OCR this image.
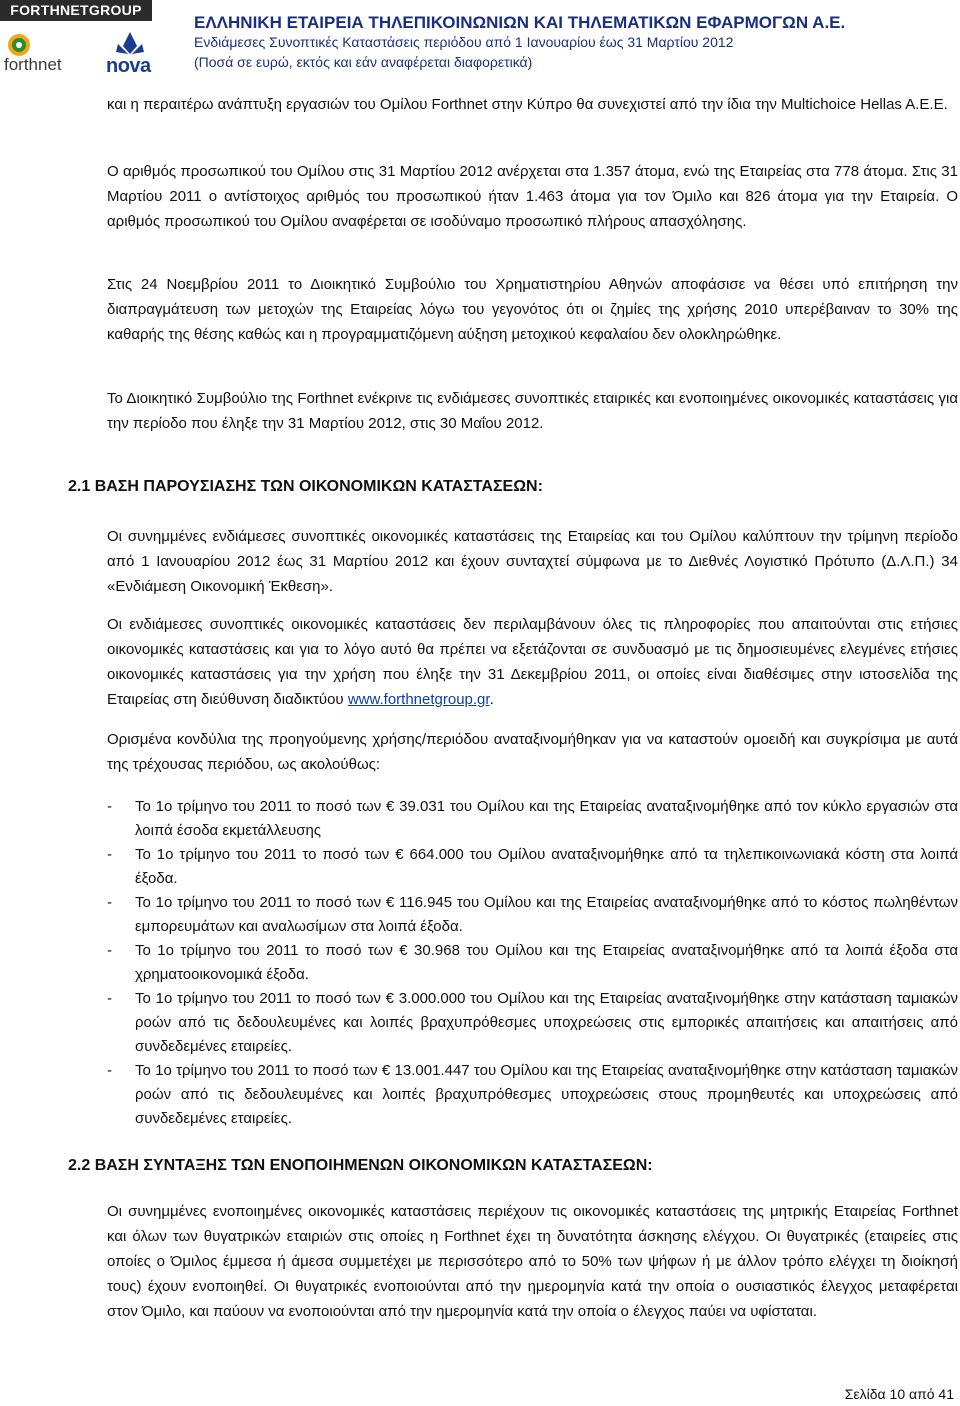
FORTHNETGROUP
forthnet nova
ΕΛΛΗΝΙΚΗ ΕΤΑΙΡΕΙΑ ΤΗΛΕΠΙΚΟΙΝΩΝΙΩΝ ΚΑΙ ΤΗΛΕΜΑΤΙΚΩΝ ΕΦΑΡΜΟΓΩΝ Α.Ε.
Ενδιάμεσες Συνοπτικές Καταστάσεις περιόδου από 1 Ιανουαρίου έως 31 Μαρτίου 2012
(Ποσά σε ευρώ, εκτός και εάν αναφέρεται διαφορετικά)

και η περαιτέρω ανάπτυξη εργασιών του Ομίλου Forthnet στην Κύπρο θα συνεχιστεί από την ίδια την Multichoice Hellas A.E.E.

Ο αριθμός προσωπικού του Ομίλου στις 31 Μαρτίου 2012 ανέρχεται στα 1.357 άτομα, ενώ της Εταιρείας στα 778 άτομα. Στις 31 Μαρτίου 2011 ο αντίστοιχος αριθμός του προσωπικού ήταν 1.463 άτομα για τον Όμιλο και 826 άτομα για την Εταιρεία. Ο αριθμός προσωπικού του Ομίλου αναφέρεται σε ισοδύναμο προσωπικό πλήρους απασχόλησης.

Στις 24 Νοεμβρίου 2011 το Διοικητικό Συμβούλιο του Χρηματιστηρίου Αθηνών αποφάσισε να θέσει υπό επιτήρηση την διαπραγμάτευση των μετοχών της Εταιρείας λόγω του γεγονότος ότι οι ζημίες της χρήσης 2010 υπερέβαιναν το 30% της καθαρής της θέσης καθώς και η προγραμματιζόμενη αύξηση μετοχικού κεφαλαίου δεν ολοκληρώθηκε.

Το Διοικητικό Συμβούλιο της Forthnet ενέκρινε τις ενδιάμεσες συνοπτικές εταιρικές και ενοποιημένες οικονομικές καταστάσεις για την περίοδο που έληξε την 31 Μαρτίου 2012, στις 30 Μαΐου 2012.

2.1 ΒΑΣΗ ΠΑΡΟΥΣΙΑΣΗΣ ΤΩΝ ΟΙΚΟΝΟΜΙΚΩΝ ΚΑΤΑΣΤΑΣΕΩΝ:

Οι συνημμένες ενδιάμεσες συνοπτικές οικονομικές καταστάσεις της Εταιρείας και του Ομίλου καλύπτουν την τρίμηνη περίοδο από 1 Ιανουαρίου 2012 έως 31 Μαρτίου 2012 και έχουν συνταχτεί σύμφωνα με το Διεθνές Λογιστικό Πρότυπο (Δ.Λ.Π.) 34 «Ενδιάμεση Οικονομική Έκθεση».

Οι ενδιάμεσες συνοπτικές οικονομικές καταστάσεις δεν περιλαμβάνουν όλες τις πληροφορίες που απαιτούνται στις ετήσιες οικονομικές καταστάσεις και για το λόγο αυτό θα πρέπει να εξετάζονται σε συνδυασμό με τις δημοσιευμένες ελεγμένες ετήσιες οικονομικές καταστάσεις για την χρήση που έληξε την 31 Δεκεμβρίου 2011, οι οποίες είναι διαθέσιμες στην ιστοσελίδα της Εταιρείας στη διεύθυνση διαδικτύου www.forthnetgroup.gr.

Ορισμένα κονδύλια της προηγούμενης χρήσης/περιόδου αναταξινομήθηκαν για να καταστούν ομοειδή και συγκρίσιμα με αυτά της τρέχουσας περιόδου, ως ακολούθως:

- Το 1ο τρίμηνο του 2011 το ποσό των € 39.031 του Ομίλου και της Εταιρείας αναταξινομήθηκε από τον κύκλο εργασιών στα λοιπά έσοδα εκμετάλλευσης
- Το 1ο τρίμηνο του 2011 το ποσό των € 664.000 του Ομίλου αναταξινομήθηκε από τα τηλεπικοινωνιακά κόστη στα λοιπά έξοδα.
- Το 1ο τρίμηνο του 2011 το ποσό των € 116.945 του Ομίλου και της Εταιρείας αναταξινομήθηκε από το κόστος πωληθέντων εμπορευμάτων και αναλωσίμων στα λοιπά έξοδα.
- Το 1ο τρίμηνο του 2011 το ποσό των € 30.968 του Ομίλου και της Εταιρείας αναταξινομήθηκε από τα λοιπά έξοδα στα χρηματοοικονομικά έξοδα.
- Το 1ο τρίμηνο του 2011 το ποσό των € 3.000.000 του Ομίλου και της Εταιρείας αναταξινομήθηκε στην κατάσταση ταμιακών ροών από τις δεδουλευμένες και λοιπές βραχυπρόθεσμες υποχρεώσεις στις εμπορικές απαιτήσεις και απαιτήσεις από συνδεδεμένες εταιρείες.
- Το 1ο τρίμηνο του 2011 το ποσό των € 13.001.447 του Ομίλου και της Εταιρείας αναταξινομήθηκε στην κατάσταση ταμιακών ροών από τις δεδουλευμένες και λοιπές βραχυπρόθεσμες υποχρεώσεις στους προμηθευτές και υποχρεώσεις από συνδεδεμένες εταιρείες.
2.2 ΒΑΣΗ ΣΥΝΤΑΞΗΣ ΤΩΝ ΕΝΟΠΟΙΗΜΕΝΩΝ ΟΙΚΟΝΟΜΙΚΩΝ ΚΑΤΑΣΤΑΣΕΩΝ:

Οι συνημμένες ενοποιημένες οικονομικές καταστάσεις περιέχουν τις οικονομικές καταστάσεις της μητρικής Εταιρείας Forthnet και όλων των θυγατρικών εταιριών στις οποίες η Forthnet έχει τη δυνατότητα άσκησης ελέγχου. Οι θυγατρικές (εταιρείες στις οποίες ο Όμιλος έμμεσα ή άμεσα συμμετέχει με περισσότερο από το 50% των ψήφων ή με άλλον τρόπο ελέγχει τη διοίκησή τους) έχουν ενοποιηθεί. Οι θυγατρικές ενοποιούνται από την ημερομηνία κατά την οποία ο ουσιαστικός έλεγχος μεταφέρεται στον Όμιλο, και παύουν να ενοποιούνται από την ημερομηνία κατά την οποία ο έλεγχος παύει να υφίσταται.

Σελίδα 10 από 41
